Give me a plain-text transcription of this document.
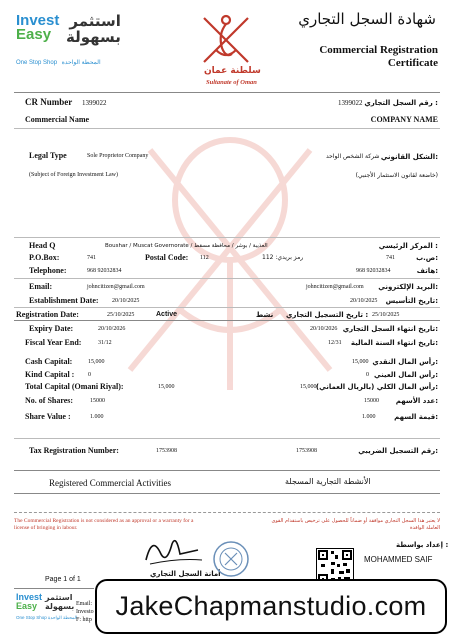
Invest
Easy
استثمر
بسهولة
One Stop Shop المحطة الواحدة
سلطنة عمان
Sultanate of Oman
شهادة السجل التجاري
Commercial Registration
Certificate
CR Number 1399022	1399022 رقم السجل التجاري :
Commercial Name	COMPANY NAME
Legal Type	Sole Proprietor Company	شركة الشخص الواحد الشكل القانوني:
(Subject of Foreign Investment Law)	(خاضعة لقانون الاستثمار الأجنبي)
Head Q	Boushar / Muscat Governorate / العذيبة / بوشر / محافظة مسقط	المركز الرئيسي :
P.O.Box:	741	Postal Code: 112	رمز بريدي: 112	741	ص.ب:
Telephone:	968 92032834	968 92032834	هاتف:
Email:	johncitizen@gmail.com	johncitizen@gmail.com البريد الإلكتروني:
Establishment Date: 20/10/2025	20/10/2025 تاريخ التأسيس:
Registration Date:	25/10/2025	Active	نشط تاريخ التسجيل التجاري : 25/10/2025
Expiry Date:	20/10/2026	20/10/2026 تاريخ انتهاء السجل التجاري:
Fiscal Year End:	31/12	12/31 تاريخ انتهاء السنة المالية:
Cash Capital:	15,000	15,000 رأس المال النقدي:
Kind Capital : 0	0 رأس المال العيني:
Total Capital (Omani Riyal):	15,000	15,000 رأس المال الكلي (بالريال العماني):
No. of Shares:	15000	15000 عدد الأسهم:
Share Value :	1.000	1.000	قيمة السهم:
Tax Registration Number:	1753908	1753908	رقم التسجيل الضريبي:
Registered Commercial Activities	الأنشطة التجارية المسجلة
The Commercial Registration is not considered as an approval or a warranty for a license of bringing in labour.
لا يعتبر هذا السجل التجاري موافقة أو ضماناً للحصول على ترخيص باستقدام القوى العاملة الوافدة
أمانة السجل التجاري
إعداد بواسطة :
MOHAMMED SAIF
Page 1 of 1
Invest
Easy
استثمر
بسهولة
One Stop Shop المحطة الواحدة
Email:
Investo
F: http JakeChapmanstudio.com
